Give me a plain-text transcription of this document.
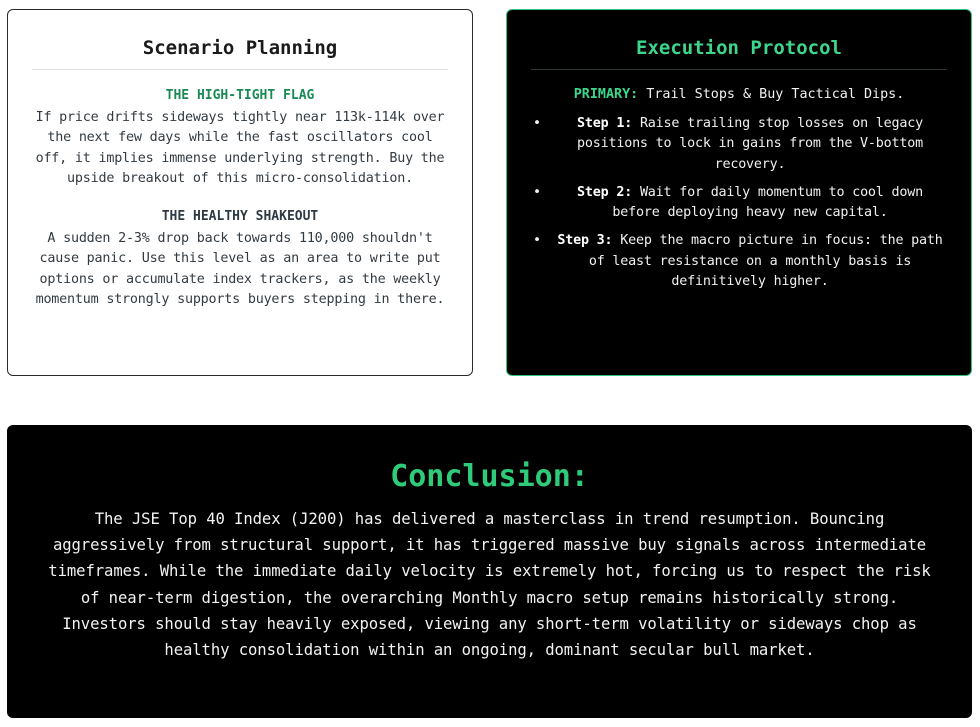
Scenario Planning
THE HIGH-TIGHT FLAG

If price drifts sideways tightly near 113k-114k over the next few days while the fast oscillators cool off, it implies immense underlying strength. Buy the upside breakout of this micro-consolidation.

THE HEALTHY SHAKEOUT

A sudden 2-3% drop back towards 110,000 shouldn't cause panic. Use this level as an area to write put options or accumulate index trackers, as the weekly momentum strongly supports buyers stepping in there.

Execution Protocol

PRIMARY: Trail Stops & Buy Tactical Dips.

•	Step 1: Raise trailing stop losses on legacy positions to lock in gains from the V-bottom recovery.
•	Step 2: Wait for daily momentum to cool down before deploying heavy new capital.
• Step 3: Keep the macro picture in focus: the path of least resistance on a monthly basis is definitively higher.
Conclusion:

The JSE Top 40 Index (J200) has delivered a masterclass in trend resumption. Bouncing aggressively from structural support, it has triggered massive buy signals across intermediate timeframes. While the immediate daily velocity is extremely hot, forcing us to respect the risk of near-term digestion, the overarching Monthly macro setup remains historically strong. Investors should stay heavily exposed, viewing any short-term volatility or sideways chop as healthy consolidation within an ongoing, dominant secular bull market.
